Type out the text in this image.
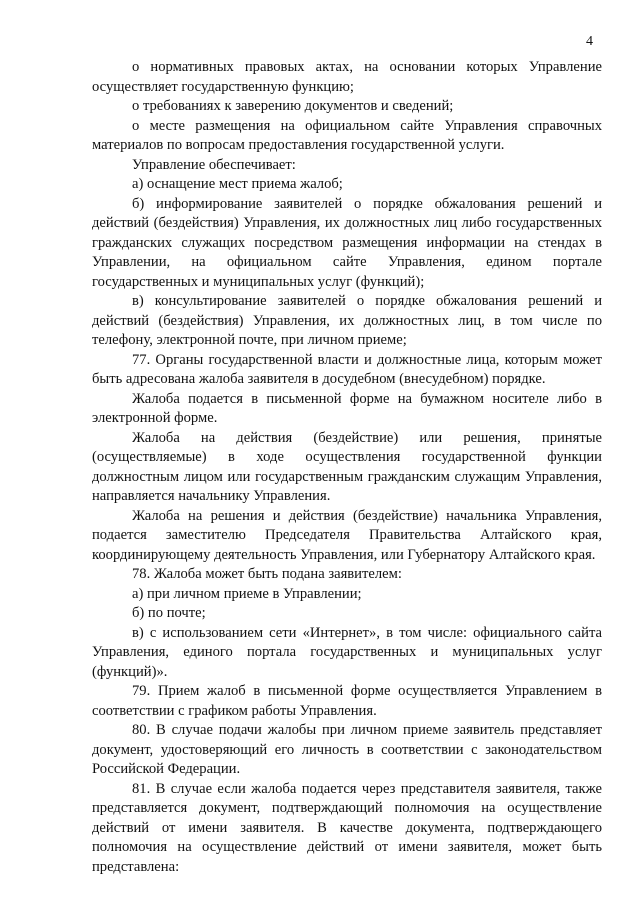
4

о нормативных правовых актах, на основании которых Управление осуществляет государственную функцию;

о требованиях к заверению документов и сведений;

о месте размещения на официальном сайте Управления справочных материалов по вопросам предоставления государственной услуги.

Управление обеспечивает:

а) оснащение мест приема жалоб;

б) информирование заявителей о порядке обжалования решений и действий (бездействия) Управления, их должностных лиц либо государственных гражданских служащих посредством размещения информации на стендах в Управлении, на официальном сайте Управления, едином портале государственных и муниципальных услуг (функций);

в) консультирование заявителей о порядке обжалования решений и действий (бездействия) Управления, их должностных лиц, в том числе по телефону, электронной почте, при личном приеме;

77. Органы государственной власти и должностные лица, которым может быть адресована жалоба заявителя в досудебном (внесудебном) порядке.

Жалоба подается в письменной форме на бумажном носителе либо в электронной форме.

Жалоба на действия (бездействие) или решения, принятые (осуществляемые) в ходе осуществления государственной функции должностным лицом или государственным гражданским служащим Управления, направляется начальнику Управления.

Жалоба на решения и действия (бездействие) начальника Управления, подается заместителю Председателя Правительства Алтайского края, координирующему деятельность Управления, или Губернатору Алтайского края.

78. Жалоба может быть подана заявителем:

а) при личном приеме в Управлении;

б) по почте;

в) с использованием сети «Интернет», в том числе: официального сайта Управления, единого портала государственных и муниципальных услуг (функций)».

79. Прием жалоб в письменной форме осуществляется Управлением в соответствии с графиком работы Управления.

80. В случае подачи жалобы при личном приеме заявитель представляет документ, удостоверяющий его личность в соответствии с законодательством Российской Федерации.

81. В случае если жалоба подается через представителя заявителя, также представляется документ, подтверждающий полномочия на осуществление действий от имени заявителя. В качестве документа, подтверждающего полномочия на осуществление действий от имени заявителя, может быть представлена:
